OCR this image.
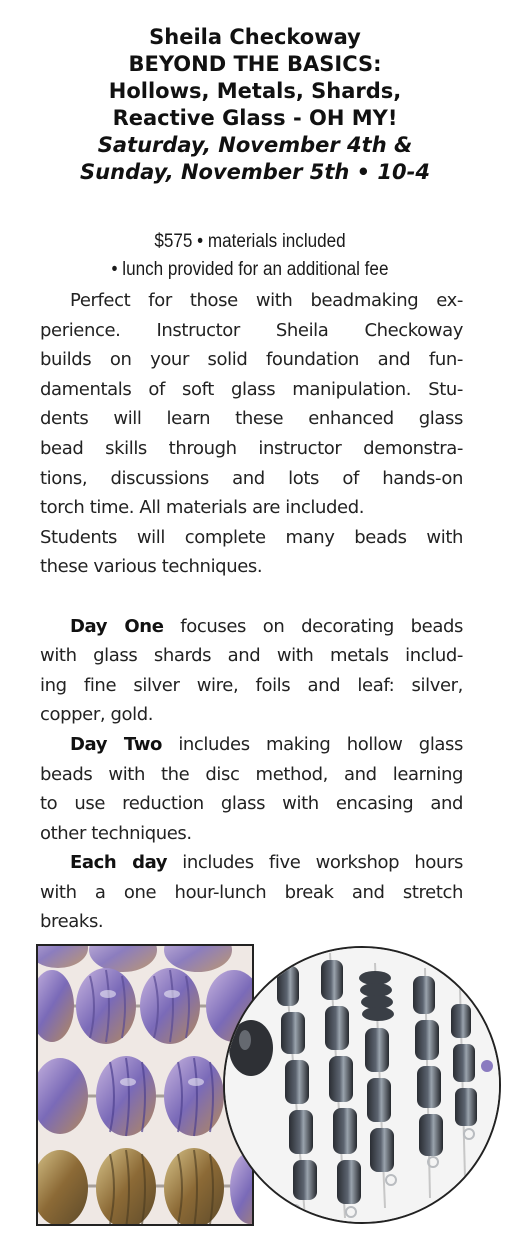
Sheila Checkoway
BEYOND THE BASICS:
Hollows, Metals, Shards,
Reactive Glass - OH MY!
Saturday, November 4th &
Sunday, November 5th • 10-4
$575 • materials included
• lunch provided for an additional fee
Perfect for those with beadmaking ex-
perience. Instructor Sheila Checkoway
builds on your solid foundation and fun-
damentals of soft glass manipulation. Stu-
dents will learn these enhanced glass
bead skills through instructor demonstra-
tions, discussions and lots of hands-on
torch time. All materials are included.
Students will complete many beads with
these various techniques.
Day One focuses on decorating beads
with glass shards and with metals includ-
ing fine silver wire, foils and leaf: silver,
copper, gold.
Day Two includes making hollow glass
beads with the disc method, and learning
to use reduction glass with encasing and
other techniques.
Each day includes five workshop hours
with a one hour-lunch break and stretch
breaks.
